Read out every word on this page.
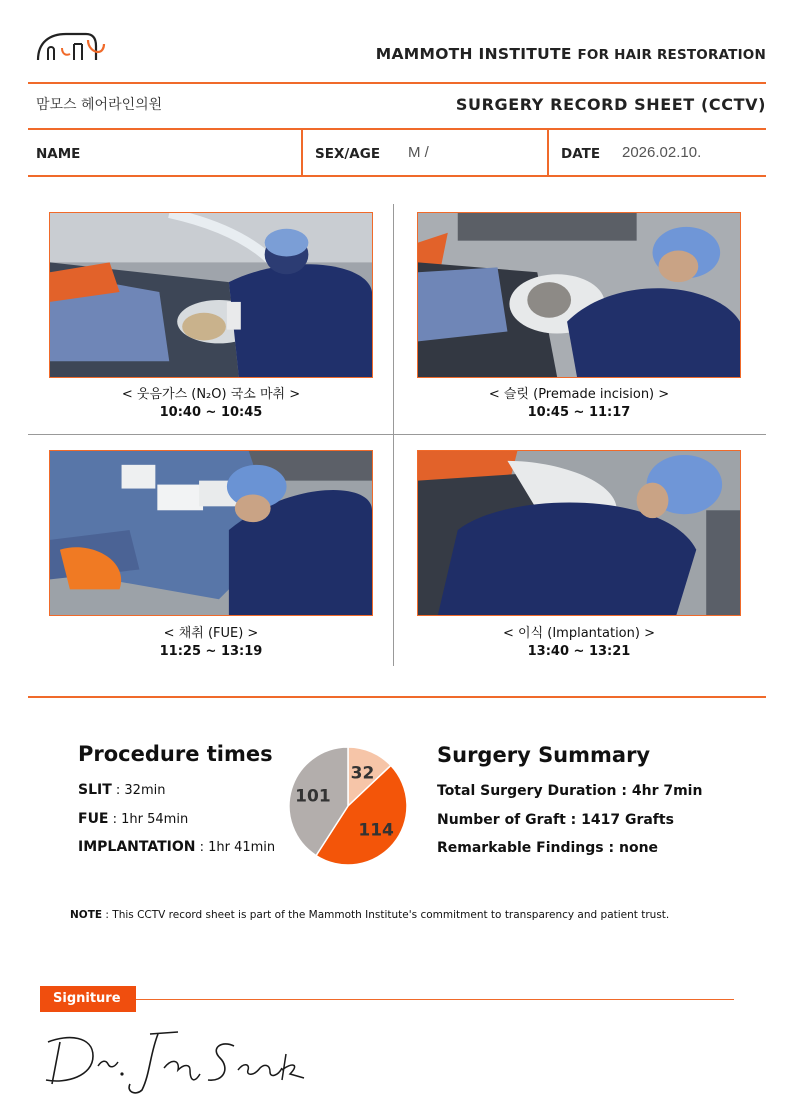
MAMMOTH INSTITUTE FOR HAIR RESTORATION
맘모스 헤어라인의원	SURGERY RECORD SHEET (CCTV)
NAME	SEX/AGE M /	DATE 2026.02.10.
< 웃음가스 (N₂O) 국소 마취 >
10:40 ~ 10:45
< 슬릿 (Premade incision) >
10:45 ~ 11:17
< 채취 (FUE) >
11:25 ~ 13:19
< 이식 (Implantation) >
13:40 ~ 13:21
Procedure times
SLIT : 32min
FUE : 1hr 54min
IMPLANTATION : 1hr 41min
32
114
101
Surgery Summary
Total Surgery Duration : 4hr 7min
Number of Graft : 1417 Grafts
Remarkable Findings : none
NOTE : This CCTV record sheet is part of the Mammoth Institute's commitment to transparency and patient trust.
Signiture
